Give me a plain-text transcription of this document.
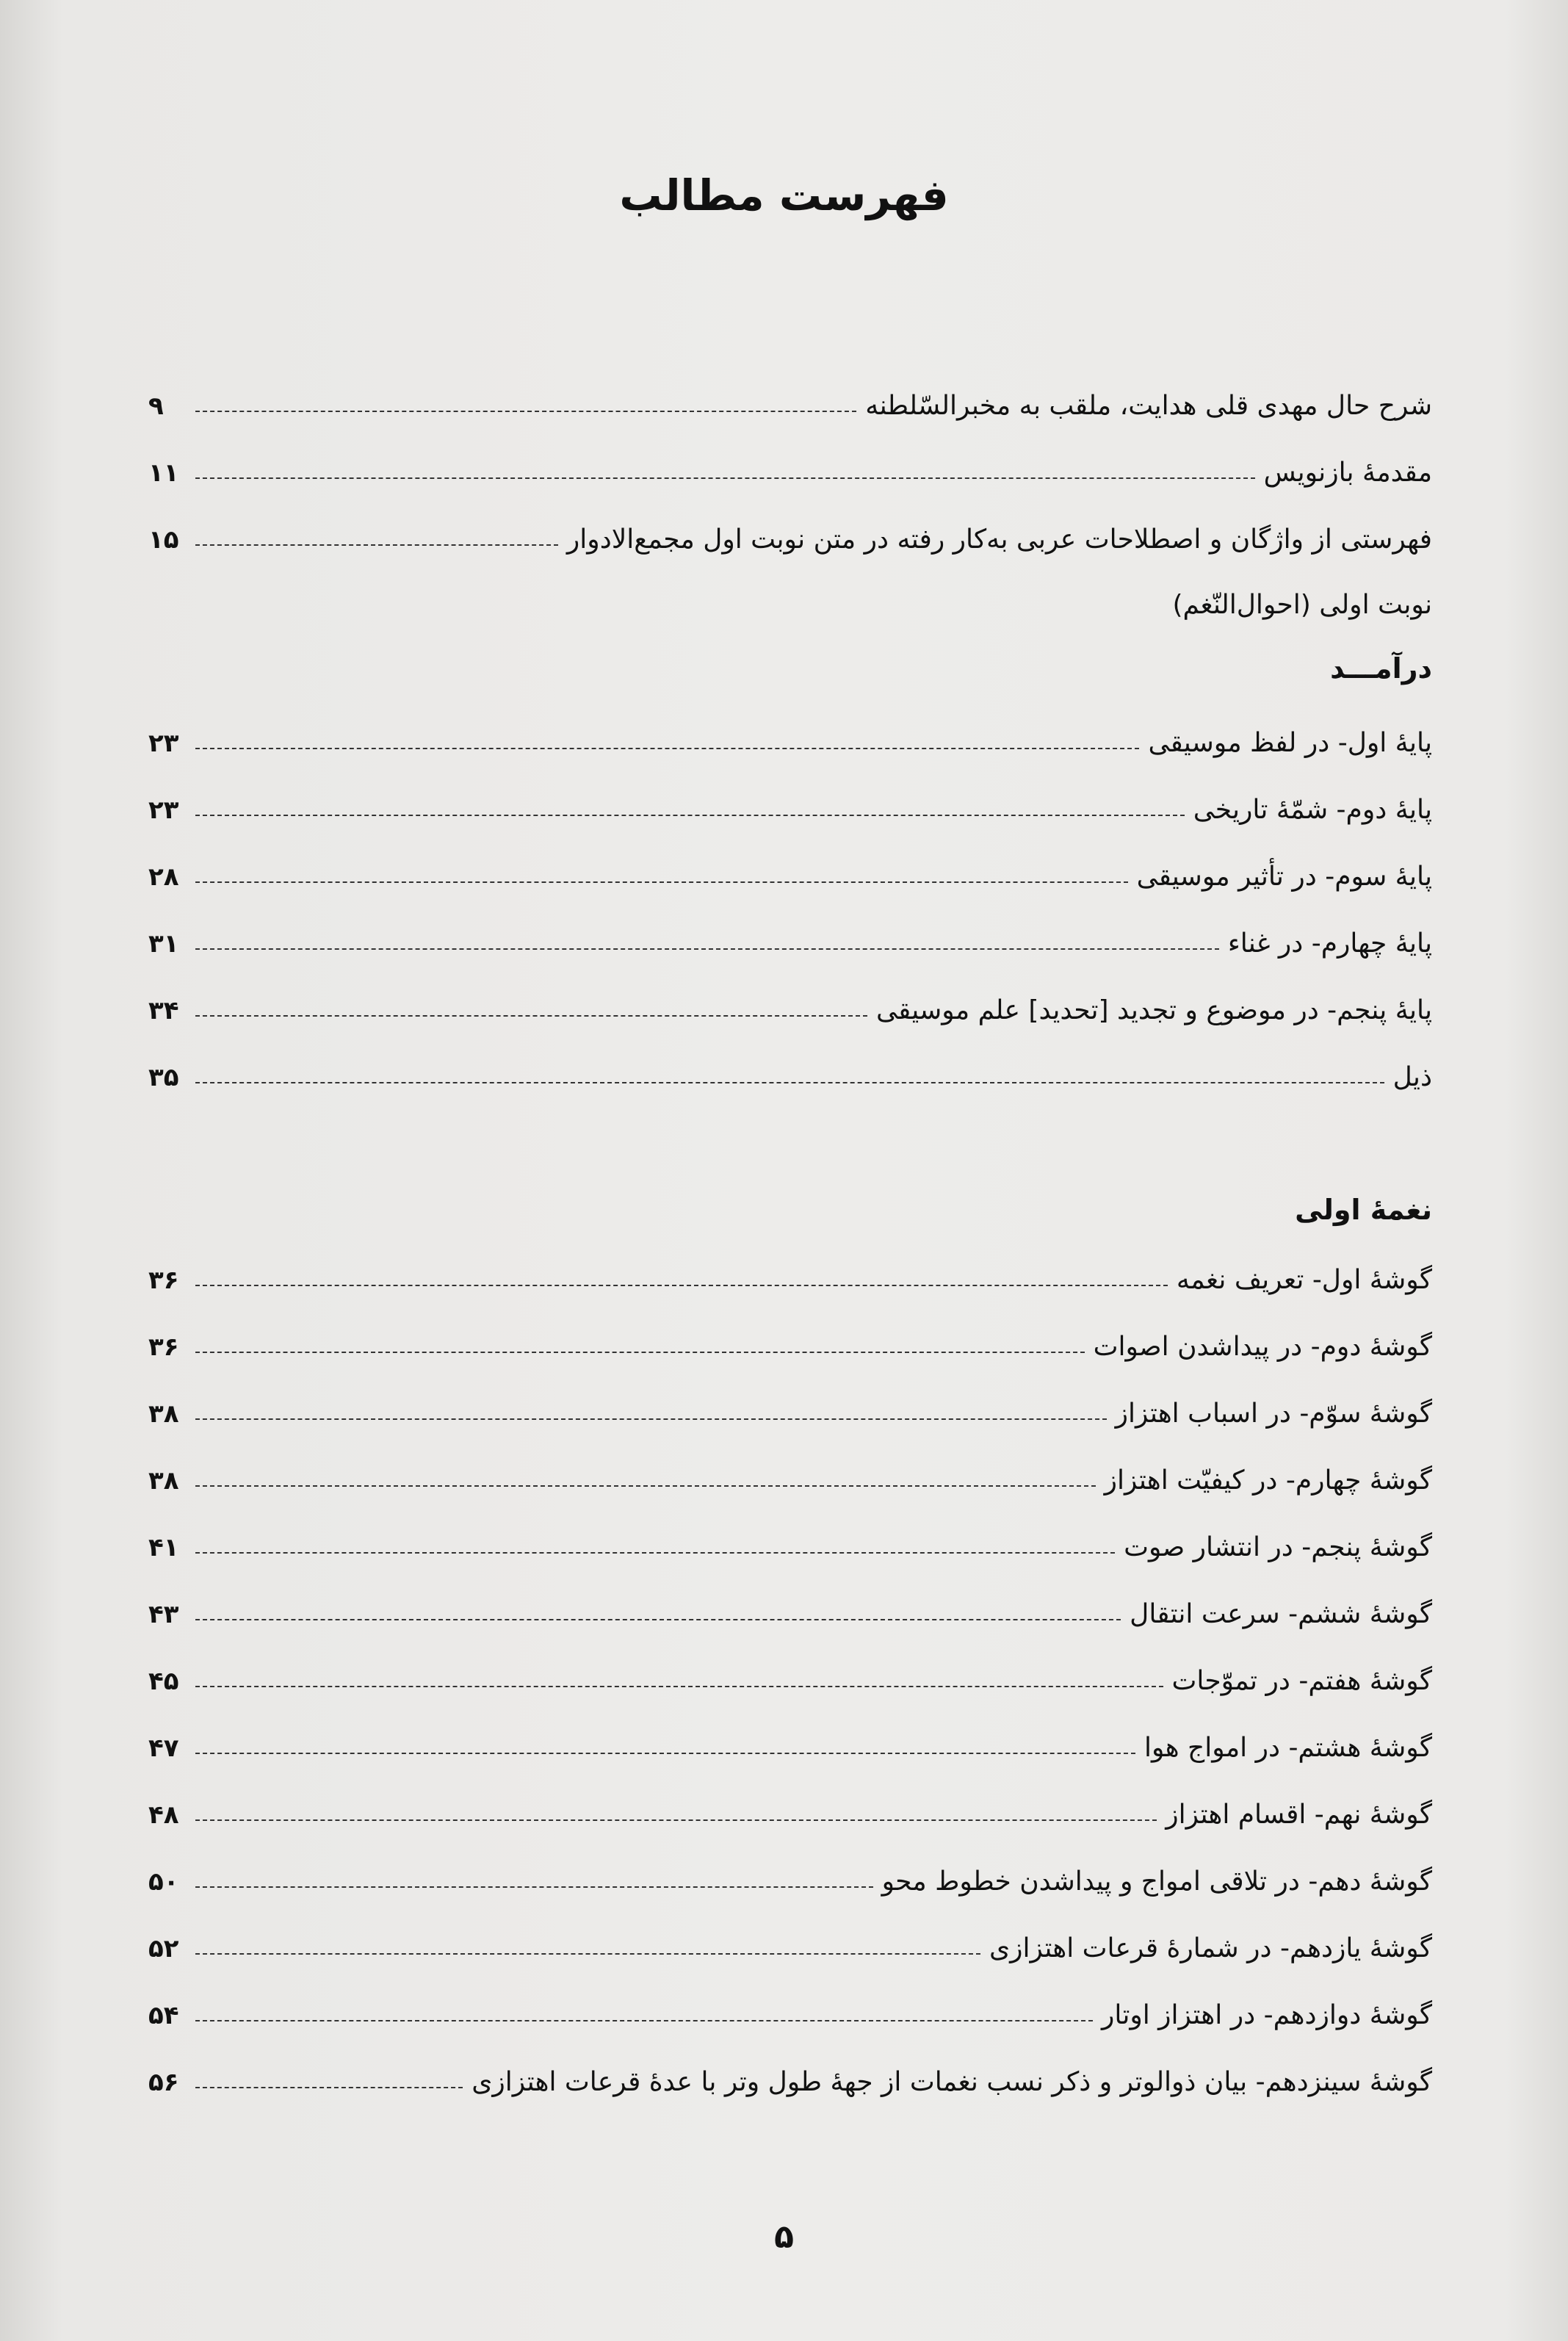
فهرست مطالب
شرح حال مهدی قلی هدایت، ملقب به مخبرالسّلطنه
۹
مقدمهٔ بازنویس
۱۱
فهرستی از واژگان و اصطلاحات عربی به‌کار رفته در متن نوبت اول مجمع‌الادوار
۱۵
نوبت اولی (احوال‌النّغم)
درآمـــد
پایهٔ اول- در لفظ موسیقی
۲۳
پایهٔ دوم- شمّهٔ تاریخی
۲۳
پایهٔ سوم- در تأثیر موسیقی
۲۸
پایهٔ چهارم- در غناء
۳۱
پایهٔ پنجم- در موضوع و تجدید [تحدید] علم موسیقی
۳۴
ذیل
۳۵
نغمهٔ اولی
گوشهٔ اول- تعریف نغمه
۳۶
گوشهٔ دوم- در پیداشدن اصوات
۳۶
گوشهٔ سوّم- در اسباب اهتزاز
۳۸
گوشهٔ چهارم- در کیفیّت اهتزاز
۳۸
گوشهٔ پنجم- در انتشار صوت
۴۱
گوشهٔ ششم- سرعت انتقال
۴۳
گوشهٔ هفتم- در تموّجات
۴۵
گوشهٔ هشتم- در امواج هوا
۴۷
گوشهٔ نهم- اقسام اهتزاز
۴۸
گوشهٔ دهم- در تلاقی امواج و پیداشدن خطوط محو
۵۰
گوشهٔ یازدهم- در شمارهٔ قرعات اهتزازی
۵۲
گوشهٔ دوازدهم- در اهتزاز اوتار
۵۴
گوشهٔ سینزدهم- بیان ذوالوتر و ذکر نسب نغمات از جههٔ طول وتر با عدهٔ قرعات اهتزازی
۵۶
۵
